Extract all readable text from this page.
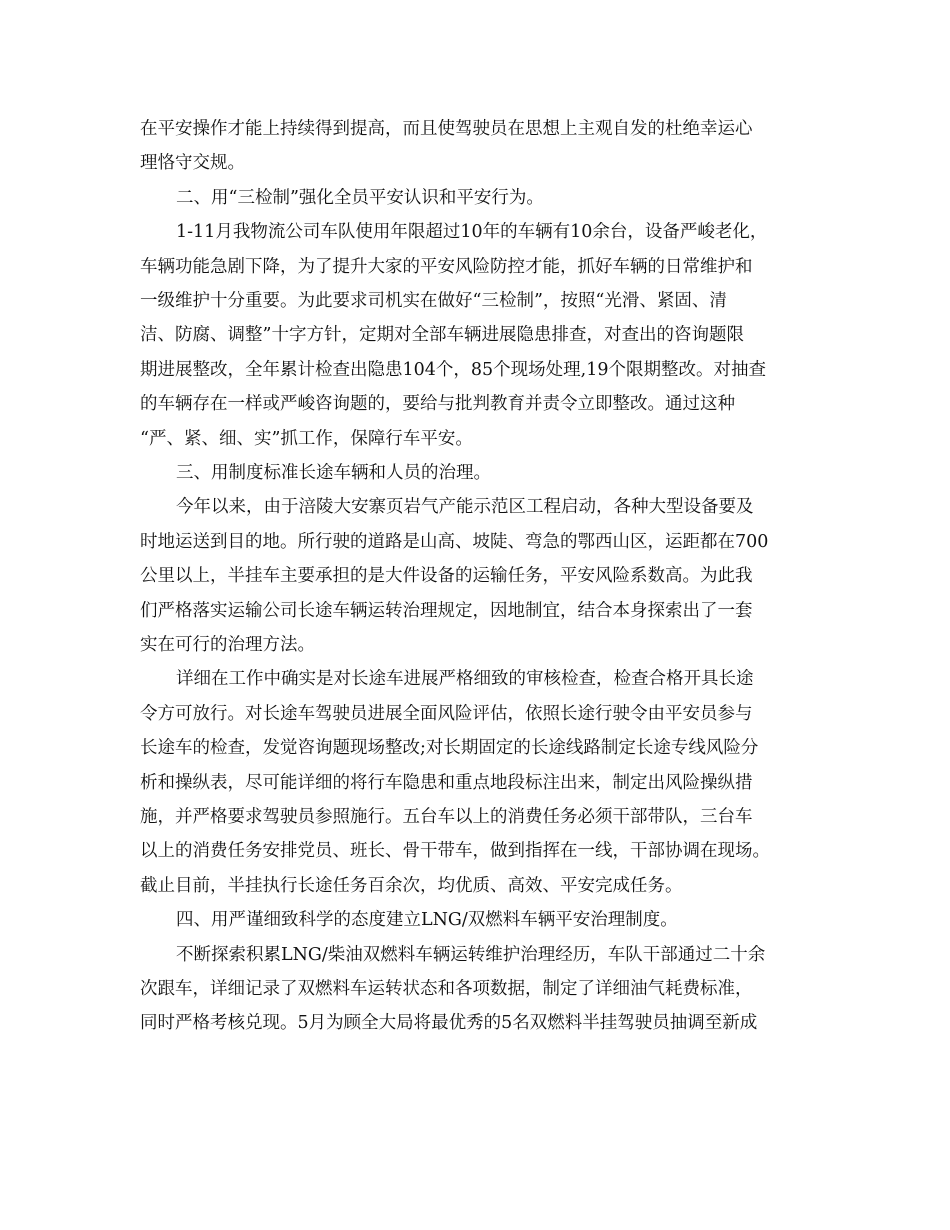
在平安操作才能上持续得到提高，而且使驾驶员在思想上主观自发的杜绝幸运心
理恪守交规。
二、用“三检制”强化全员平安认识和平安行为。
1-11月我物流公司车队使用年限超过10年的车辆有10余台，设备严峻老化，
车辆功能急剧下降，为了提升大家的平安风险防控才能，抓好车辆的日常维护和
一级维护十分重要。为此要求司机实在做好“三检制”，按照“光滑、紧固、清
洁、防腐、调整”十字方针，定期对全部车辆进展隐患排查，对查出的咨询题限
期进展整改，全年累计检查出隐患104个，85个现场处理,19个限期整改。对抽查
的车辆存在一样或严峻咨询题的，要给与批判教育并责令立即整改。通过这种
“严、紧、细、实”抓工作，保障行车平安。
三、用制度标准长途车辆和人员的治理。
今年以来，由于涪陵大安寨页岩气产能示范区工程启动，各种大型设备要及
时地运送到目的地。所行驶的道路是山高、坡陡、弯急的鄂西山区，运距都在700
公里以上，半挂车主要承担的是大件设备的运输任务，平安风险系数高。为此我
们严格落实运输公司长途车辆运转治理规定，因地制宜，结合本身探索出了一套
实在可行的治理方法。
详细在工作中确实是对长途车进展严格细致的审核检查，检查合格开具长途
令方可放行。对长途车驾驶员进展全面风险评估，依照长途行驶令由平安员参与
长途车的检查，发觉咨询题现场整改;对长期固定的长途线路制定长途专线风险分
析和操纵表，尽可能详细的将行车隐患和重点地段标注出来，制定出风险操纵措
施，并严格要求驾驶员参照施行。五台车以上的消费任务必须干部带队，三台车
以上的消费任务安排党员、班长、骨干带车，做到指挥在一线，干部协调在现场。
截止目前，半挂执行长途任务百余次，均优质、高效、平安完成任务。
四、用严谨细致科学的态度建立LNG/双燃料车辆平安治理制度。
不断探索积累LNG/柴油双燃料车辆运转维护治理经历，车队干部通过二十余
次跟车，详细记录了双燃料车运转状态和各项数据，制定了详细油气耗费标准，
同时严格考核兑现。5月为顾全大局将最优秀的5名双燃料半挂驾驶员抽调至新成
